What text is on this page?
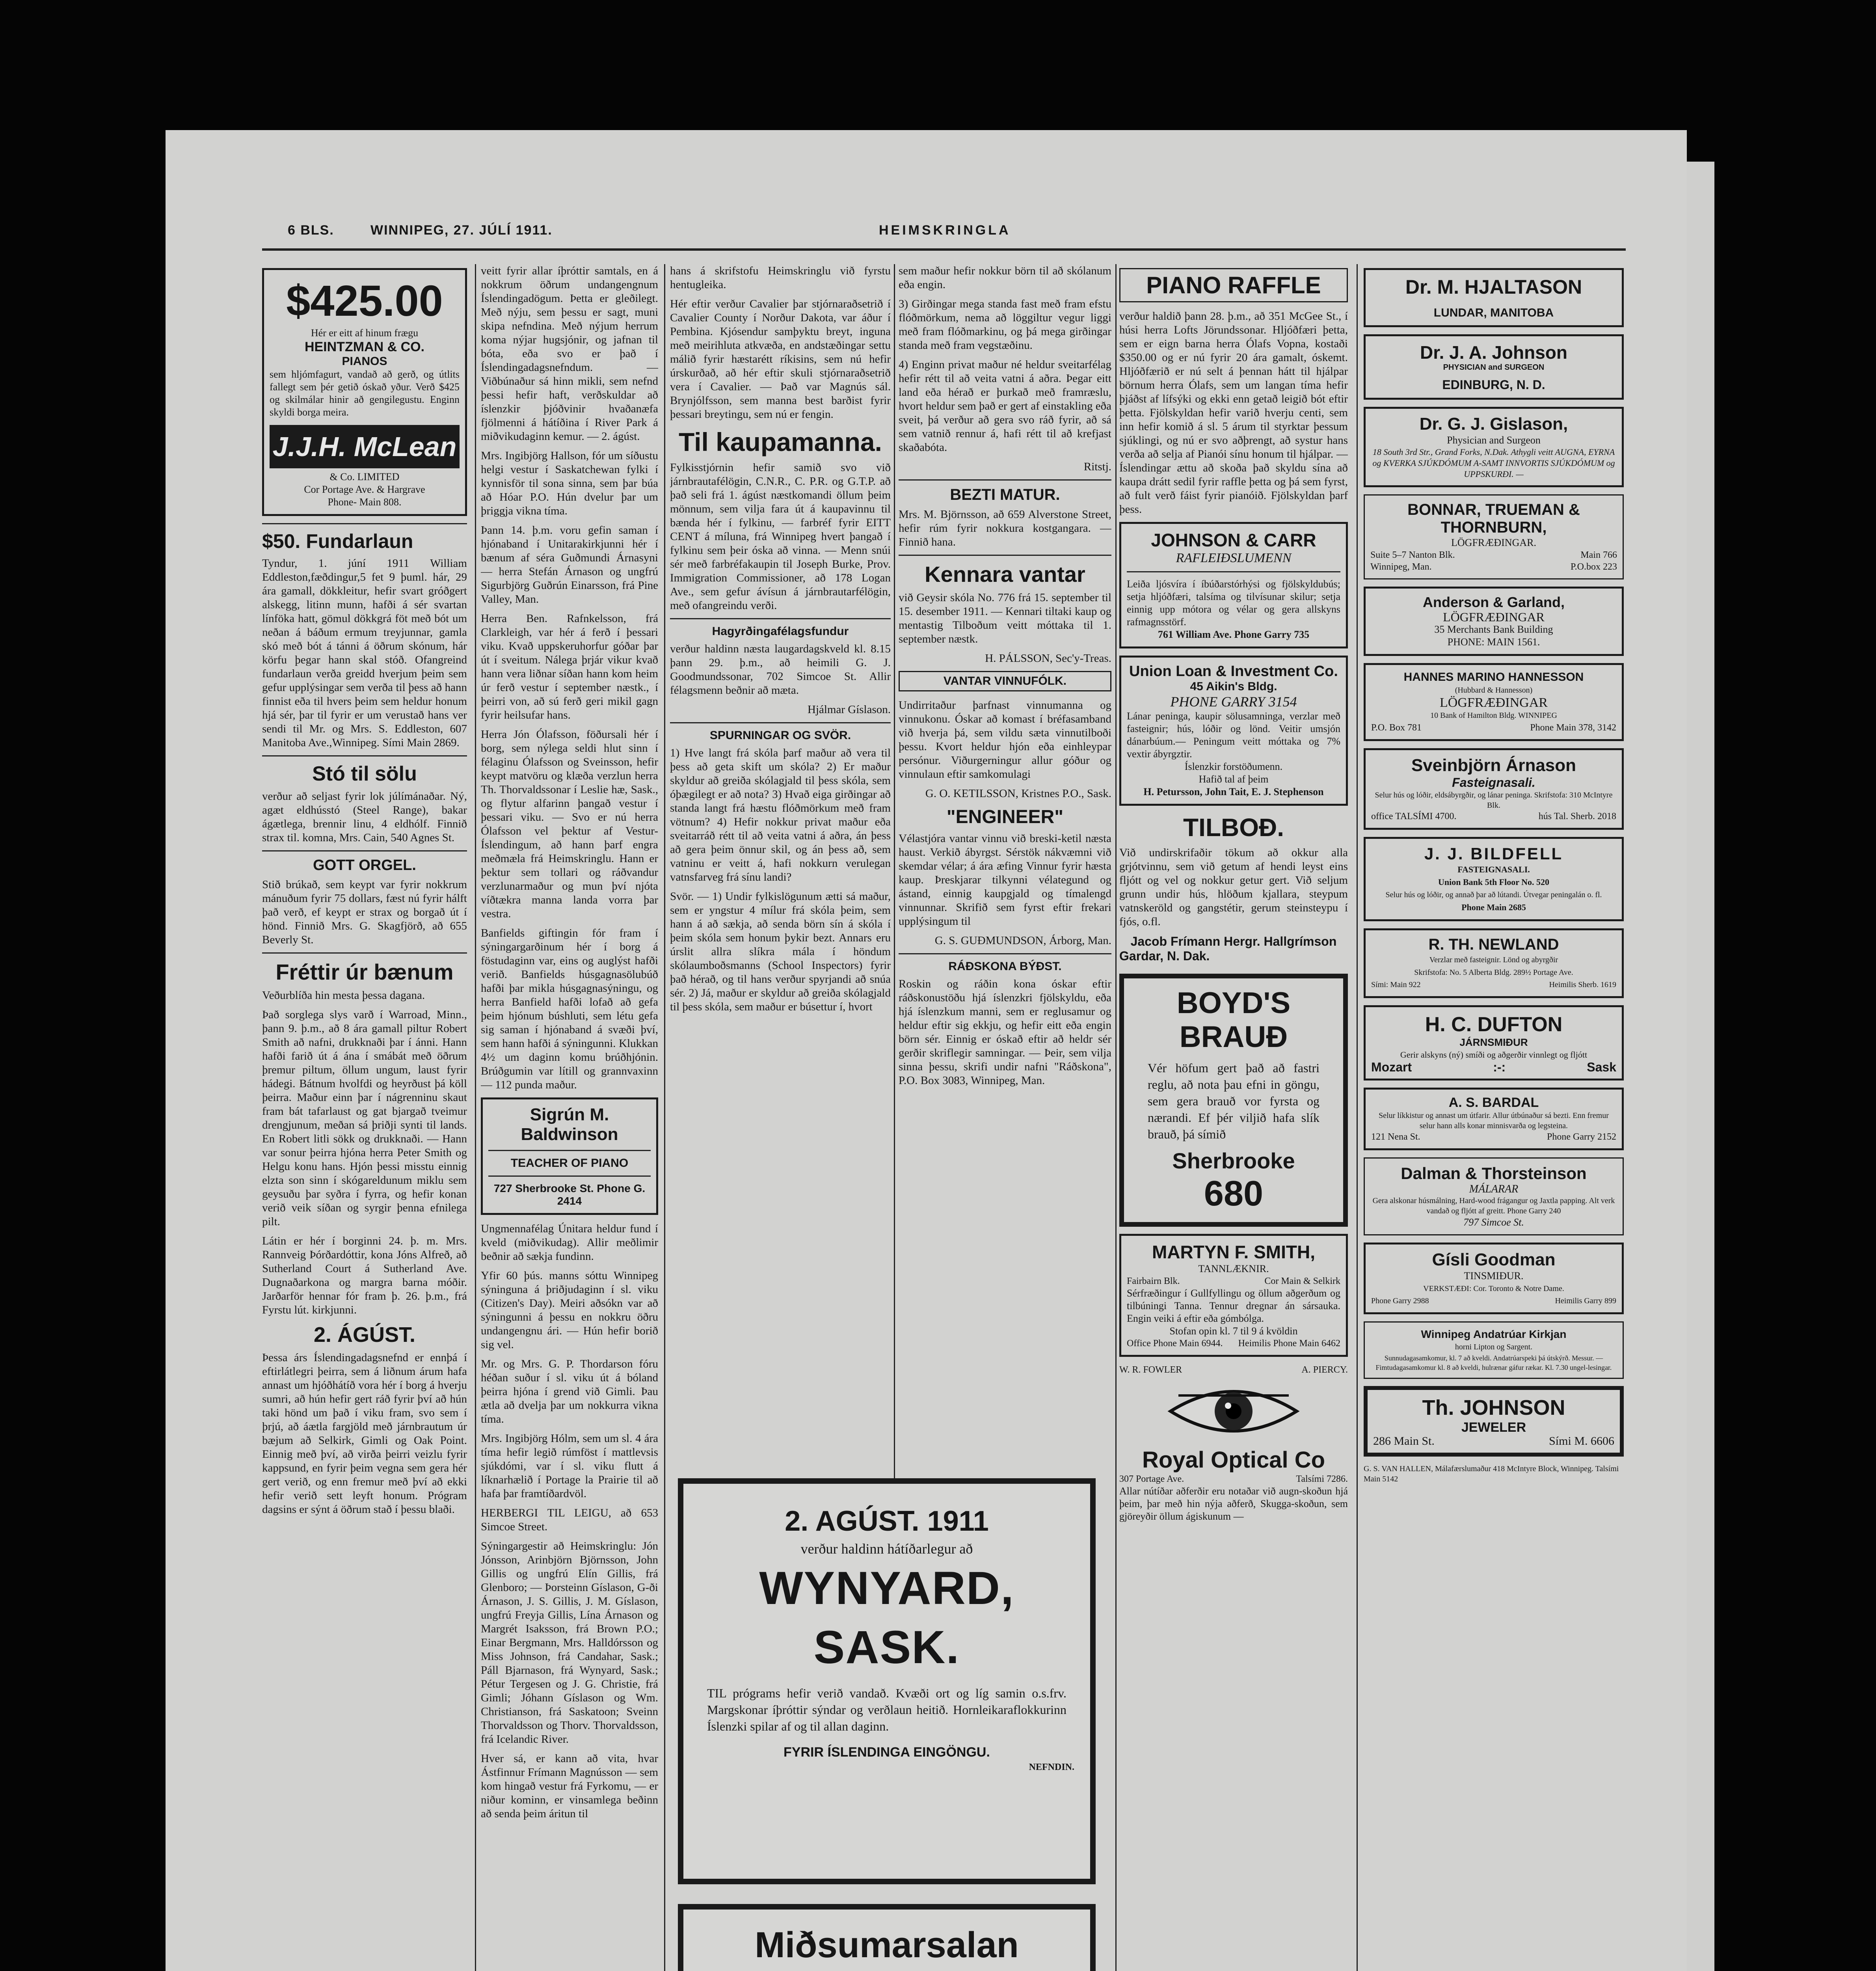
6 BLS.	WINNIPEG, 27. JÚLÍ 1911.	HEIMSKRINGLA
$425.00
Hér er eitt af hinum frægu
HEINTZMAN & CO.
PIANOS
sem hljómfagurt, vandað að gerð, og útlits fallegt sem þér getið óskað yður. Verð $425 og skilmálar hinir að gengilegustu. Enginn skyldi borga meira.
J.J.H. McLean
& Co. LIMITED
Cor Portage Ave. & Hargrave
Phone- Main 808.
$50. Fundarlaun

Tyndur, 1. júní 1911 William Eddleston,fæðdingur,5 fet 9 þuml. hár, 29 ára gamall, dökkleitur, hefir svart gróðgert alskegg, litinn munn, hafði á sér svartan línföka hatt, gömul dökkgrá föt með bót um neðan á báðum ermum treyjunnar, gamla skó með bót á tánni á öðrum skónum, hár körfu þegar hann skal stóð. Ofangreind fundarlaun verða greidd hverjum þeim sem gefur upplýsingar sem verða til þess að hann finnist eða til hvers þeim sem heldur honum hjá sér, þar til fyrir er um verustað hans ver sendi til Mr. og Mrs. S. Eddleston, 607 Manitoba Ave.,Winnipeg. Sími Main 2869.

Stó til sölu

verður að seljast fyrir lok júlímánaðar. Ný, agæt eldhússtó (Steel Range), bakar ágætlega, brennir linu, 4 eldhólf. Finnið strax til. komna, Mrs. Cain, 540 Agnes St.

GOTT ORGEL.

Stið brúkað, sem keypt var fyrir nokkrum mánuðum fyrir 75 dollars, fæst nú fyrir hálft það verð, ef keypt er strax og borgað út í hönd. Finnið Mrs. G. Skagfjörð, að 655 Beverly St.

Fréttir úr bænum

Veðurblíða hin mesta þessa dagana.

Það sorglega slys varð í Warroad, Minn., þann 9. þ.m., að 8 ára gamall piltur Robert Smith að nafni, drukknaði þar í ánni. Hann hafði farið út á ána í smábát með öðrum þremur piltum, öllum ungum, laust fyrir hádegi. Bátnum hvolfdi og heyrðust þá köll þeirra. Maður einn þar í nágrenninu skaut fram bát tafarlaust og gat bjargað tveimur drengjunum, meðan sá þriðji synti til lands. En Robert litli sökk og drukknaði. — Hann var sonur þeirra hjóna herra Peter Smith og Helgu konu hans. Hjón þessi misstu einnig elzta son sinn í skógareldunum miklu sem geysuðu þar syðra í fyrra, og hefir konan verið veik síðan og syrgir þenna efnilega pilt.

Látin er hér í borginni 24. þ. m. Mrs. Rannveig Þórðardóttir, kona Jóns Alfreð, að Sutherland Court á Sutherland Ave. Dugnaðarkona og margra barna móðir. Jarðarför hennar fór fram þ. 26. þ.m., frá Fyrstu lút. kirkjunni.

2. ÁGÚST.

Þessa árs Íslendingadagsnefnd er ennþá í eftirlátlegri þeirra, sem á liðnum árum hafa annast um hjóðhátíð vora hér í borg á hverju sumri, að hún hefir gert ráð fyrir því að hún taki hönd um það í viku fram, svo sem í þrjú, að áætla fargjöld með járnbrautum úr bæjum að Selkirk, Gimli og Oak Point. Einnig með því, að virða þeirri veizlu fyrir kappsund, en fyrir þeim vegna sem gera hér gert verið, og enn fremur með því að ekki hefir verið sett leyft honum. Prógram dagsins er sýnt á öðrum stað í þessu blaði.

veitt fyrir allar íþróttir samtals, en á nokkrum öðrum undangengnum Íslendingadögum. Þetta er gleðilegt. Með nýju, sem þessu er sagt, muni skipa nefndina. Með nýjum herrum koma nýjar hugsjónir, og jafnan til bóta, eða svo er það í Íslendingadagsnefndum. — Viðbúnaður sá hinn mikli, sem nefnd þessi hefir haft, verðskuldar að íslenzkir þjóðvinir hvaðanæfa fjölmenni á hátíðina í River Park á miðvikudaginn kemur. — 2. ágúst.

Mrs. Ingibjörg Hallson, fór um síðustu helgi vestur í Saskatchewan fylki í kynnisför til sona sinna, sem þar búa að Hóar P.O. Hún dvelur þar um þriggja vikna tíma.

Þann 14. þ.m. voru gefin saman í hjónaband í Unitarakirkjunni hér í bænum af séra Guðmundi Árnasyni — herra Stefán Árnason og ungfrú Sigurbjörg Guðrún Einarsson, frá Pine Valley, Man.

Herra Ben. Rafnkelsson, frá Clarkleigh, var hér á ferð í þessari viku. Kvað uppskeruhorfur góðar þar út í sveitum. Nálega þrjár vikur kvað hann vera liðnar síðan hann kom heim úr ferð vestur í september næstk., í þeirri von, að sú ferð geri mikil gagn fyrir heilsufar hans.

Herra Jón Ólafsson, föðursali hér í borg, sem nýlega seldi hlut sinn í félaginu Ólafsson og Sveinsson, hefir keypt matvöru og klæða verzlun herra Th. Thorvaldssonar í Leslie hæ, Sask., og flytur alfarinn þangað vestur í þessari viku. — Svo er nú herra Ólafsson vel þektur af Vestur-Íslendingum, að hann þarf engra meðmæla frá Heimskringlu. Hann er þektur sem tollari og ráðvandur verzlunarmaður og mun því njóta víðtækra manna landa vorra þar vestra.

Banfields giftingin fór fram í sýningargarðinum hér í borg á föstudaginn var, eins og auglýst hafði verið. Banfields húsgagnasölubúð hafði þar mikla húsgagnasýningu, og herra Banfield hafði lofað að gefa þeim hjónum búshluti, sem létu gefa sig saman í hjónaband á svæði því, sem hann hafði á sýningunni. Klukkan 4½ um daginn komu brúðhjónin. Brúðgumin var lítill og grannvaxinn — 112 punda maður.

Sigrún M. Baldwinson
TEACHER OF PIANO
727 Sherbrooke St. Phone G. 2414

Ungmennafélag Únitara heldur fund í kveld (miðvikudag). Allir meðlimir beðnir að sækja fundinn.

Yfir 60 þús. manns sóttu Winnipeg sýninguna á þriðjudaginn í sl. viku (Citizen's Day). Meiri aðsókn var að sýningunni á þessu en nokkru öðru undangengnu ári. — Hún hefir borið sig vel.

Mr. og Mrs. G. P. Thordarson fóru héðan suður í sl. viku út á bóland þeirra hjóna í grend við Gimli. Þau ætla að dvelja þar um nokkurra vikna tíma.

Mrs. Ingibjörg Hólm, sem um sl. 4 ára tíma hefir legið rúmföst í mattlevsis sjúkdómi, var í sl. viku flutt á líknarhælið í Portage la Prairie til að hafa þar framtíðardvöl.

HERBERGI TIL LEIGU, að 653 Simcoe Street.

Sýningargestir að Heimskringlu: Jón Jónsson, Arinbjörn Björnsson, John Gillis og ungfrú Elín Gillis, frá Glenboro; — Þorsteinn Gíslason, G-ði Árnason, J. S. Gillis, J. M. Gíslason, ungfrú Freyja Gillis, Lína Árnason og Margrét Isaksson, frá Brown P.O.; Einar Bergmann, Mrs. Halldórsson og Miss Johnson, frá Candahar, Sask.; Páll Bjarnason, frá Wynyard, Sask.; Pétur Tergesen og J. G. Christie, frá Gimli; Jóhann Gíslason og Wm. Christianson, frá Saskatoon; Sveinn Thorvaldsson og Thorv. Thorvaldsson, frá Icelandic River.

Hver sá, er kann að vita, hvar Ástfinnur Frímann Magnússon — sem kom hingað vestur frá Fyrkomu, — er niður kominn, er vinsamlega beðinn að senda þeim áritun til

hans á skrifstofu Heimskringlu við fyrstu hentugleika.

Hér eftir verður Cavalier þar stjórnaraðsetrið í Cavalier County í Norður Dakota, var áður í Pembina. Kjósendur samþyktu breyt, inguna með meirihluta atkvæða, en andstæðingar settu málið fyrir hæstarétt ríkisins, sem nú hefir úrskurðað, að hér eftir skuli stjórnaraðsetrið vera í Cavalier. — Það var Magnús sál. Brynjólfsson, sem manna best barðist fyrir þessari breytingu, sem nú er fengin.

Til kaupamanna.

Fylkisstjórnin hefir samið svo við járnbrautafélögin, C.N.R., C. P.R. og G.T.P. að það seli frá 1. ágúst næstkomandi öllum þeim mönnum, sem vilja fara út á kaupavinnu til bænda hér í fylkinu, — farbréf fyrir EITT CENT á míluna, frá Winnipeg hvert þangað í fylkinu sem þeir óska að vinna. — Menn snúi sér með farbréfakaupin til Joseph Burke, Prov. Immigration Commissioner, að 178 Logan Ave., sem gefur ávísun á járnbrautarfélögin, með ofangreindu verði.

Hagyrðingafélagsfundur

verður haldinn næsta laugardagskveld kl. 8.15 þann 29. þ.m., að heimili G. J. Goodmundssonar, 702 Simcoe St. Allir félagsmenn beðnir að mæta.

Hjálmar Gíslason.

SPURNINGAR OG SVÖR.

1) Hve langt frá skóla þarf maður að vera til þess að geta skift um skóla? 2) Er maður skyldur að greiða skólagjald til þess skóla, sem óþægilegt er að nota? 3) Hvað eiga girðingar að standa langt frá hæstu flóðmörkum með fram vötnum? 4) Hefir nokkur privat maður eða sveitarráð rétt til að veita vatni á aðra, án þess að gera þeim önnur skil, og án þess að, sem vatninu er veitt á, hafi nokkurn verulegan vatnsfarveg frá sínu landi?

Svör. — 1) Undir fylkislögunum ætti sá maður, sem er yngstur 4 mílur frá skóla þeim, sem hann á að sækja, að senda börn sín á skóla í þeim skóla sem honum þykir bezt. Annars eru úrslit allra slíkra mála í höndum skólaumboðsmanns (School Inspectors) fyrir það hérað, og til hans verður spyrjandi að snúa sér. 2) Já, maður er skyldur að greiða skólagjald til þess skóla, sem maður er búsettur í, hvort

2. AGÚST. 1911
verður haldinn hátíðarlegur að
WYNYARD, SASK.
TIL prógrams hefir verið vandað. Kvæði ort og líg samin o.s.frv. Margskonar íþróttir sýndar og verðlaun heitið. Hornleikaraflokkurinn Íslenzki spilar af og til allan daginn.
FYRIR ÍSLENDINGA EINGÖNGU.
NEFNDIN.
Miðsumarsalan

sem maður hefir nokkur börn til að skólanum eða engin.

3) Girðingar mega standa fast með fram efstu flóðmörkum, nema að löggiltur vegur liggi með fram flóðmarkinu, og þá mega girðingar standa með fram vegstæðinu.

4) Enginn privat maður né heldur sveitarfélag hefir rétt til að veita vatni á aðra. Þegar eitt land eða hérað er þurkað með framræslu, hvort heldur sem það er gert af einstakling eða sveit, þá verður að gera svo ráð fyrir, að sá sem vatnið rennur á, hafi rétt til að krefjast skaðabóta.

Ritstj.

BEZTI MATUR.

Mrs. M. Björnsson, að 659 Alverstone Street, hefir rúm fyrir nokkura kostgangara. — Finnið hana.

Kennara vantar

við Geysir skóla No. 776 frá 15. september til 15. desember 1911. — Kennari tiltaki kaup og mentastig Tilboðum veitt móttaka til 1. september næstk.

H. PÁLSSON, Sec'y-Treas.

VANTAR VINNUFÓLK.

Undirritaður þarfnast vinnumanna og vinnukonu. Óskar að komast í bréfasamband við hverja þá, sem vildu sæta vinnutilboði þessu. Kvort heldur hjón eða einhleypar persónur. Viðurgerningur allur góður og vinnulaun eftir samkomulagi

G. O. KETILSSON, Kristnes P.O., Sask.

"ENGINEER"

Vélastjóra vantar vinnu við breski-ketil næsta haust. Verkið ábyrgst. Sérstök nákvæmni við skemdar vélar; á ára æfing Vinnur fyrir hæsta kaup. Þreskjarar tilkynni vélategund og ástand, einnig kaupgjald og tímalengd vinnunnar. Skrifið sem fyrst eftir frekari upplýsingum til

G. S. GUÐMUNDSON, Árborg, Man.

RÁÐSKONA BÝÐST.

Roskin og ráðin kona óskar eftir ráðskonustöðu hjá íslenzkri fjölskyldu, eða hjá íslenzkum manni, sem er reglusamur og heldur eftir sig ekkju, og hefir eitt eða engin börn sér. Einnig er óskað eftir að heldr sér gerðir skriflegir samningar. — Þeir, sem vilja sinna þessu, skrifi undir nafni "Ráðskona", P.O. Box 3083, Winnipeg, Man.

PIANO RAFFLE

verður haldið þann 28. þ.m., að 351 McGee St., í húsi herra Lofts Jörundssonar. Hljóðfæri þetta, sem er eign barna herra Ólafs Vopna, kostaði $350.00 og er nú fyrir 20 ára gamalt, óskemt. Hljóðfærið er nú selt á þennan hátt til hjálpar börnum herra Ólafs, sem um langan tíma hefir þjáðst af lífsýki og ekki enn getað leigið bót eftir þetta. Fjölskyldan hefir varið hverju centi, sem inn hefir komið á sl. 5 árum til styrktar þessum sjúklingi, og nú er svo aðþrengt, að systur hans verða að selja af Pianói sínu honum til hjálpar. — Íslendingar ættu að skoða það skyldu sína að kaupa drátt sedil fyrir raffle þetta og þá sem fyrst, að fult verð fáist fyrir pianóið. Fjölskyldan þarf þess.

JOHNSON & CARR
RAFLEIÐSLUMENN
Leiða ljósvíra í íbúðarstórhýsi og fjölskyldubús; setja hljóðfæri, talsíma og tilvísunar skilur; setja einnig upp mótora og vélar og gera allskyns rafmagnsstörf.
761 William Ave. Phone Garry 735
Union Loan & Investment Co.
45 Aikin's Bldg.
PHONE GARRY 3154
Lánar peninga, kaupir sölusamninga, verzlar með fasteignir; hús, lóðir og lönd. Veitir umsjón dánarbúum.— Peningum veitt móttaka og 7% vextir ábyrgztir.
Íslenzkir forstöðumenn.
Hafið tal af þeim
H. Petursson, John Tait, E. J. Stephenson
TILBOÐ.

Við undirskrifaðir tökum að okkur alla grjótvinnu, sem við getum af hendi leyst eins fljótt og vel og nokkur getur gert. Við seljum grunn undir hús, hlöðum kjallara, steypum vatnskeröld og gangstétir, gerum steinsteypu í fjós, o.fl.

Jacob Frímann Hergr. Hallgrímson
Gardar, N. Dak.
BOYD'S BRAUÐ
Vér höfum gert það að fastri reglu, að nota þau efni in göngu, sem gera brauð vor fyrsta og nærandi. Ef þér viljið hafa slík brauð, þá símið
Sherbrooke
680
MARTYN F. SMITH,
TANNLÆKNIR.
Fairbairn Blk.	Cor Main & Selkirk
Sérfræðingur í Gullfyllingu og öllum aðgerðum og tilbúningi Tanna. Tennur dregnar án sársauka. Engin veiki á eftir eða gómbólga.
Stofan opin kl. 7 til 9 á kvöldin
Office Phone Main 6944. Heimilis Phone Main 6462
W. R. FOWLER	A. PIERCY.
Royal Optical Co
307 Portage Ave.	Talsími 7286.
Allar nútíðar aðferðir eru notaðar við augn-skoðun hjá þeim, þar með hin nýja aðferð, Skugga-skoðun, sem gjöreyðir öllum ágiskunum —
Dr. M. HJALTASON
LUNDAR, MANITOBA
Dr. J. A. Johnson
PHYSICIAN and SURGEON
EDINBURG, N. D.
Dr. G. J. Gislason,
Physician and Surgeon
18 South 3rd Str., Grand Forks, N.Dak. Athygli veitt AUGNA, EYRNA og KVERKA SJÚKDÓMUM A-SAMT INNVORTIS SJÚKDÓMUM og UPPSKURÐI. —
BONNAR, TRUEMAN & THORNBURN,
LÖGFRÆÐINGAR.
Suite 5–7 Nanton Blk.	Main 766
Winnipeg, Man.	P.O.box 223
Anderson & Garland,
LÖGFRÆÐINGAR
35 Merchants Bank Building
PHONE: MAIN 1561.
HANNES MARINO HANNESSON
(Hubbard & Hannesson)
LÖGFRÆÐINGAR
10 Bank of Hamilton Bldg. WINNIPEG
P.O. Box 781	Phone Main 378, 3142
Sveinbjörn Árnason
Fasteignasali.
Selur hús og lóðir, eldsábyrgðir, og lánar peninga. Skrifstofa: 310 McIntyre Blk.
office TALSÍMI 4700.	hús Tal. Sherb. 2018
J. J. BILDFELL
FASTEIGNASALI.
Union Bank 5th Floor No. 520
Selur hús og lóðir, og annað þar að lútandi. Útvegar peningalán o. fl.
Phone Main 2685
R. TH. NEWLAND
Verzlar með fasteignir. Lönd og abyrgðir
Skrifstofa: No. 5 Alberta Bldg. 289½ Portage Ave.
Sími: Main 922	Heimilis Sherb. 1619
H. C. DUFTON
JÁRNSMIÐUR
Gerir alskyns (ný) smíði og aðgerðir vinnlegt og fljótt
Mozart	:-:	Sask
A. S. BARDAL
Selur líkkistur og annast um útfarir. Allur útbúnaður sá bezti. Enn fremur selur hann alls konar minnisvarða og legsteina.
121 Nena St.	Phone Garry 2152
Dalman & Thorsteinson
MÁLARAR
Gera alskonar húsmálning, Hard-wood frágangur og Jaxtla papping. Alt verk vandað og fljótt af greitt. Phone Garry 240
797 Simcoe St.
Gísli Goodman
TINSMIÐUR.
VERKSTÆÐI: Cor. Toronto & Notre Dame.
Phone Garry 2988	Heimilis Garry 899
Winnipeg Andatrúar Kirkjan
horni Lipton og Sargent.
Sunnudagasamkomur, kl. 7 að kveldi. Andatrúarspeki þá útskýrð. Messur. — Fimtudagasamkomur kl. 8 að kveldi, hulrænar gáfur rækar. Kl. 7.30 ungel-lesingar.
Th. JOHNSON
JEWELER
286 Main St.	Sími M. 6606
G. S. VAN HALLEN, Málafærslumaður 418 McIntyre Block, Winnipeg. Talsími Main 5142
